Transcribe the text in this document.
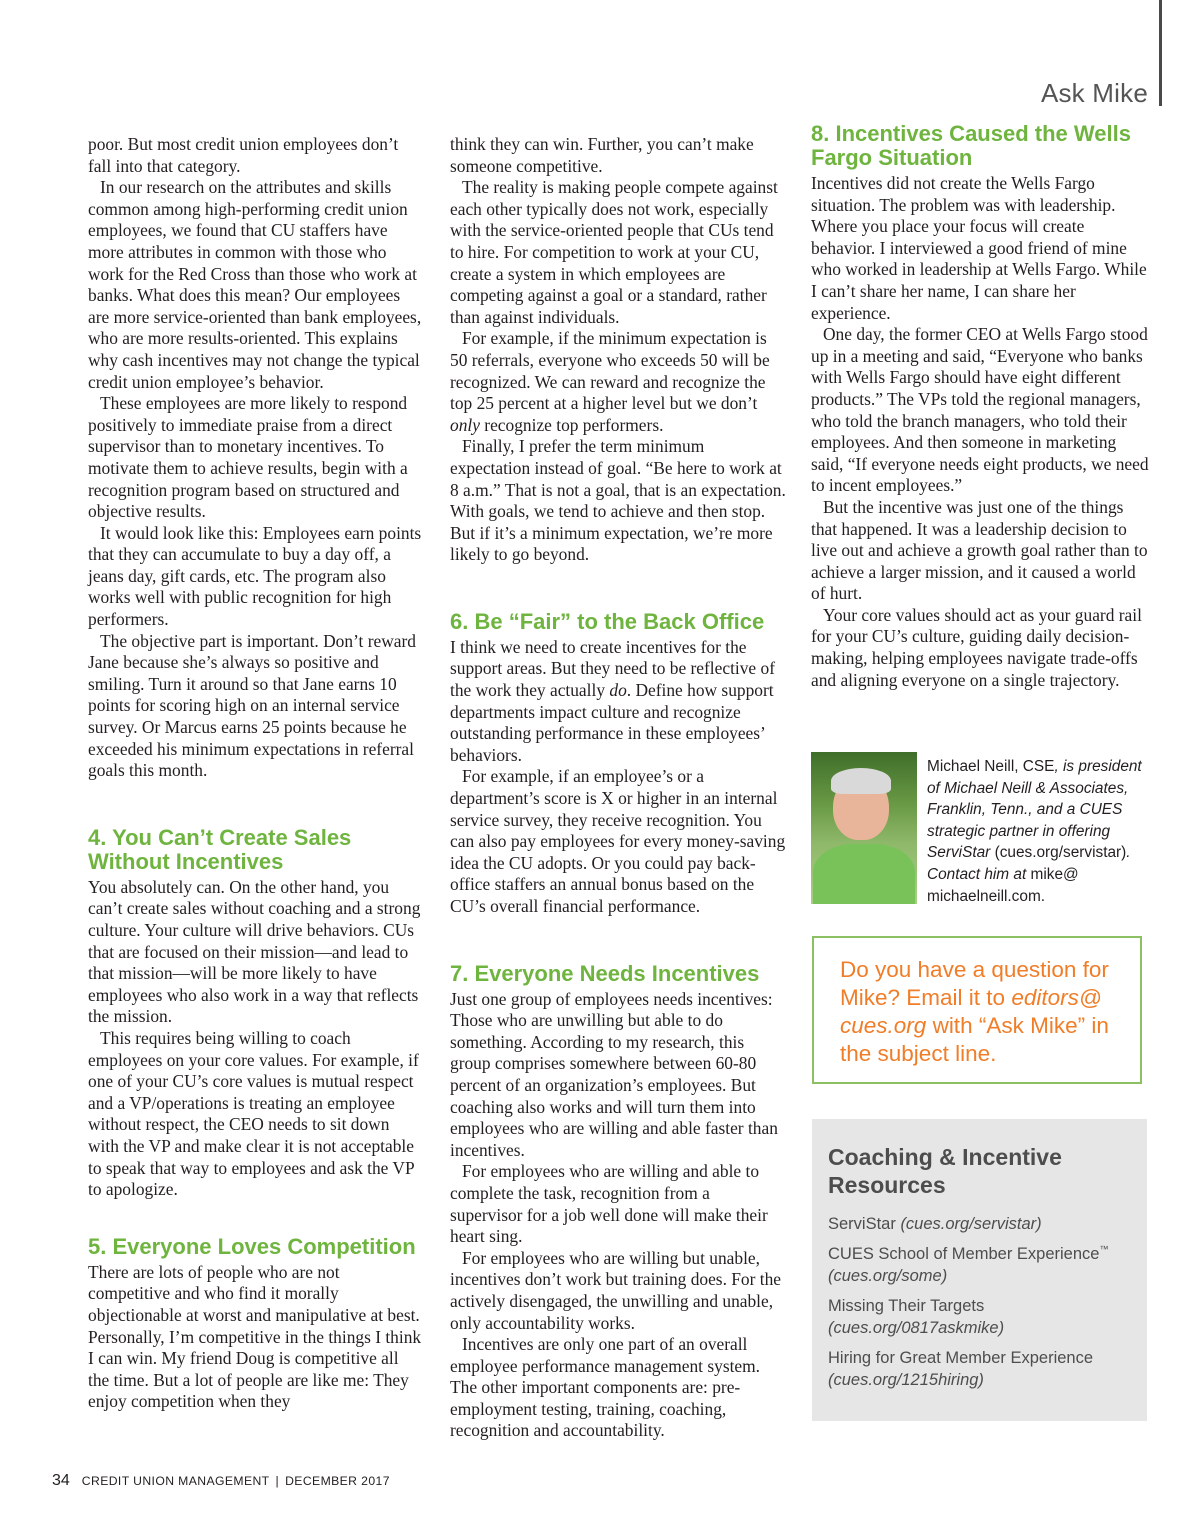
Ask Mike

poor. But most credit union employees don’t fall into that category.

In our research on the attributes and skills common among high-performing credit union employees, we found that CU staffers have more attributes in common with those who work for the Red Cross than those who work at banks. What does this mean? Our employees are more service-oriented than bank employees, who are more results-oriented. This explains why cash incentives may not change the typical credit union employee’s behavior.

These employees are more likely to respond positively to immediate praise from a direct supervisor than to monetary incentives. To motivate them to achieve results, begin with a recognition program based on structured and objective results.

It would look like this: Employees earn points that they can accumulate to buy a day off, a jeans day, gift cards, etc. The program also works well with public recognition for high performers.

The objective part is important. Don’t reward Jane because she’s always so positive and smiling. Turn it around so that Jane earns 10 points for scoring high on an internal service survey. Or Marcus earns 25 points because he exceeded his minimum expectations in referral goals this month.

4. You Can’t Create Sales Without Incentives

You absolutely can. On the other hand, you can’t create sales without coaching and a strong culture. Your culture will drive behaviors. CUs that are focused on their mission—and lead to that mission—will be more likely to have employees who also work in a way that reflects the mission.

This requires being willing to coach employees on your core values. For example, if one of your CU’s core values is mutual respect and a VP/operations is treating an employee without respect, the CEO needs to sit down with the VP and make clear it is not acceptable to speak that way to employees and ask the VP to apologize.

5. Everyone Loves Competition

There are lots of people who are not competitive and who find it morally objectionable at worst and manipulative at best. Personally, I’m competitive in the things I think I can win. My friend Doug is competitive all the time. But a lot of people are like me: They enjoy competition when they

think they can win. Further, you can’t make someone competitive.

The reality is making people compete against each other typically does not work, especially with the service-oriented people that CUs tend to hire. For competition to work at your CU, create a system in which employees are competing against a goal or a standard, rather than against individuals.

For example, if the minimum expectation is 50 referrals, everyone who exceeds 50 will be recognized. We can reward and recognize the top 25 percent at a higher level but we don’t only recognize top performers.

Finally, I prefer the term minimum expectation instead of goal. “Be here to work at 8 a.m.” That is not a goal, that is an expectation. With goals, we tend to achieve and then stop. But if it’s a minimum expectation, we’re more likely to go beyond.

6. Be “Fair” to the Back Office

I think we need to create incentives for the support areas. But they need to be reflective of the work they actually do. Define how support departments impact culture and recognize outstanding performance in these employees’ behaviors.

For example, if an employee’s or a department’s score is X or higher in an internal service survey, they receive recognition. You can also pay employees for every money-saving idea the CU adopts. Or you could pay back-office staffers an annual bonus based on the CU’s overall financial performance.

7. Everyone Needs Incentives

Just one group of employees needs incentives: Those who are unwilling but able to do something. According to my research, this group comprises somewhere between 60-80 percent of an organization’s employees. But coaching also works and will turn them into employees who are willing and able faster than incentives.

For employees who are willing and able to complete the task, recognition from a supervisor for a job well done will make their heart sing.

For employees who are willing but unable, incentives don’t work but training does. For the actively disengaged, the unwilling and unable, only accountability works.

Incentives are only one part of an overall employee performance management system. The other important components are: pre-employment testing, training, coaching, recognition and accountability.

8. Incentives Caused the Wells Fargo Situation

Incentives did not create the Wells Fargo situation. The problem was with leadership. Where you place your focus will create behavior. I interviewed a good friend of mine who worked in leadership at Wells Fargo. While I can’t share her name, I can share her experience.

One day, the former CEO at Wells Fargo stood up in a meeting and said, “Everyone who banks with Wells Fargo should have eight different products.” The VPs told the regional managers, who told the branch managers, who told their employees. And then someone in marketing said, “If everyone needs eight products, we need to incent employees.”

But the incentive was just one of the things that happened. It was a leadership decision to live out and achieve a growth goal rather than to achieve a larger mission, and it caused a world of hurt.

Your core values should act as your guard rail for your CU’s culture, guiding daily decision-making, helping employees navigate trade-offs and aligning everyone on a single trajectory.

Michael Neill, CSE, is president of Michael Neill & Associates, Franklin, Tenn., and a CUES strategic partner in offering ServiStar (cues.org/servistar). Contact him at mike@ michaelneill.com.
Do you have a question for Mike? Email it to editors@ cues.org with “Ask Mike” in the subject line.
Coaching & Incentive Resources
ServiStar (cues.org/servistar)
CUES School of Member Experience™
(cues.org/some)
Missing Their Targets
(cues.org/0817askmike)
Hiring for Great Member Experience
(cues.org/1215hiring)
34 CREDIT UNION MANAGEMENT | DECEMBER 2017
